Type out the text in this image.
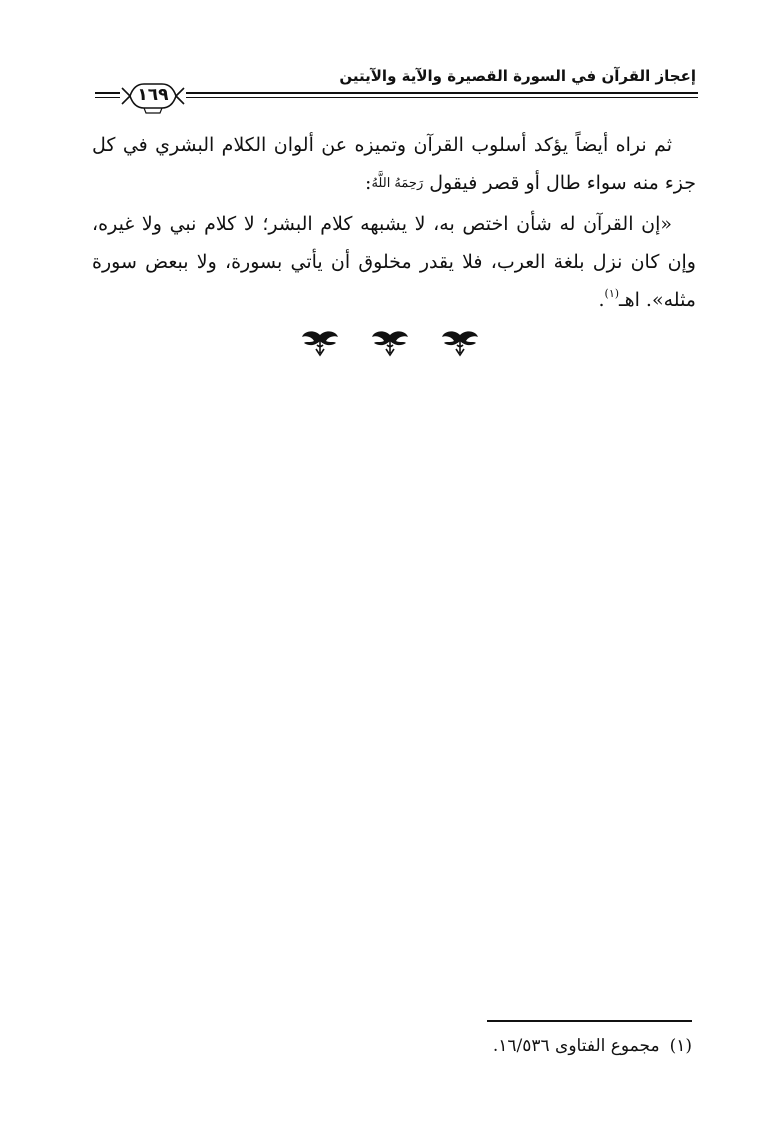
إعجاز القرآن في السورة القصيرة والآية والآيتين
١٦٩

ثم نراه أيضاً يؤكد أسلوب القرآن وتميزه عن ألوان الكلام البشري في كل جزء منه سواء طال أو قصر فيقول رَحِمَهُ اللَّهُ:

«إن القرآن له شأن اختص به، لا يشبهه كلام البشر؛ لا كلام نبي ولا غيره، وإن كان نزل بلغة العرب، فلا يقدر مخلوق أن يأتي بسورة، ولا ببعض سورة مثله». اهـ$^{(١)}$.

(١)مجموع الفتاوى ١٦/٥٣٦.
